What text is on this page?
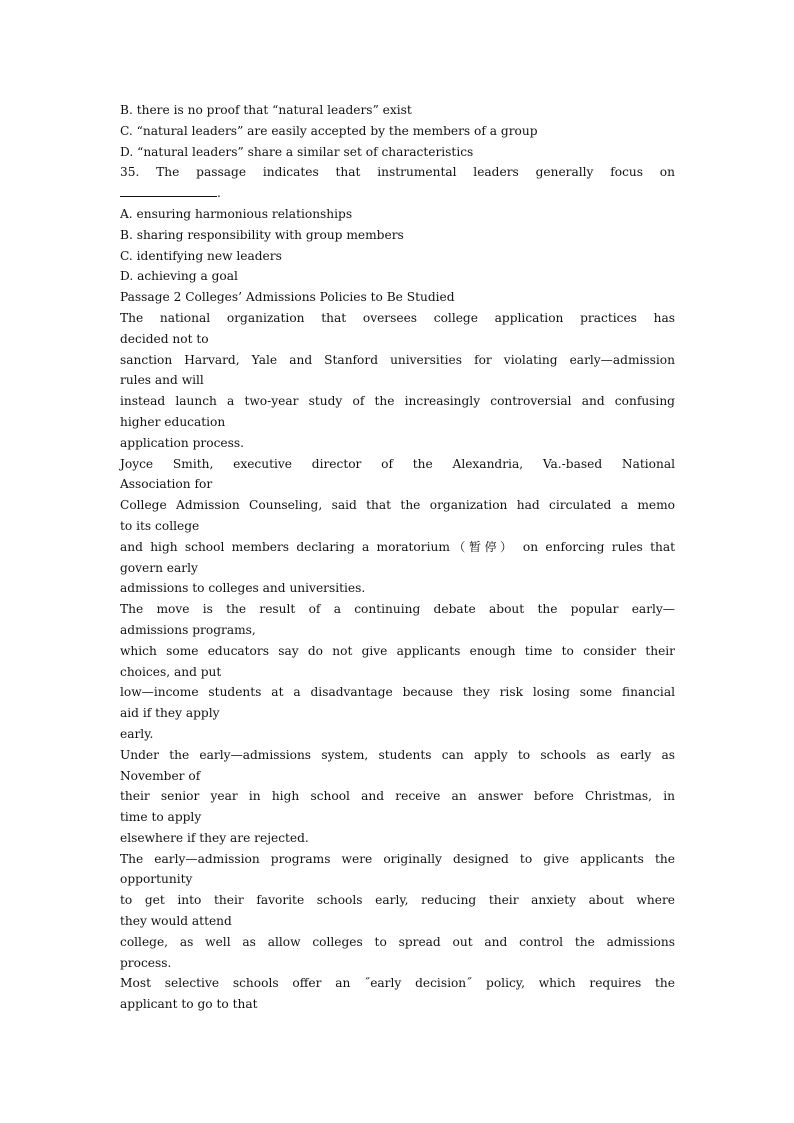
B. there is no proof that “natural leaders” exist
C. “natural leaders” are easily accepted by the members of a group
D. “natural leaders” share a similar set of characteristics
35. The passage indicates that instrumental leaders generally focus on
.
A. ensuring harmonious relationships
B. sharing responsibility with group members
C. identifying new leaders
D. achieving a goal
Passage 2 Colleges’ Admissions Policies to Be Studied
The national organization that oversees college application practices has
decided not to
sanction Harvard, Yale and Stanford universities for violating early—admission
rules and will
instead launch a two-year study of the increasingly controversial and confusing
higher education
application process.
Joyce Smith, executive director of the Alexandria, Va.-based National
Association for
College Admission Counseling, said that the organization had circulated a memo
to its college
and high school members declaring a moratorium（暂停） on enforcing rules that
govern early
admissions to colleges and universities.
The move is the result of a continuing debate about the popular early—
admissions programs,
which some educators say do not give applicants enough time to consider their
choices, and put
low—income students at a disadvantage because they risk losing some financial
aid if they apply
early.
Under the early—admissions system, students can apply to schools as early as
November of
their senior year in high school and receive an answer before Christmas, in
time to apply
elsewhere if they are rejected.
The early—admission programs were originally designed to give applicants the
opportunity
to get into their favorite schools early, reducing their anxiety about where
they would attend
college, as well as allow colleges to spread out and control the admissions
process.
Most selective schools offer an ˝early decision˝ policy, which requires the
applicant to go to that
